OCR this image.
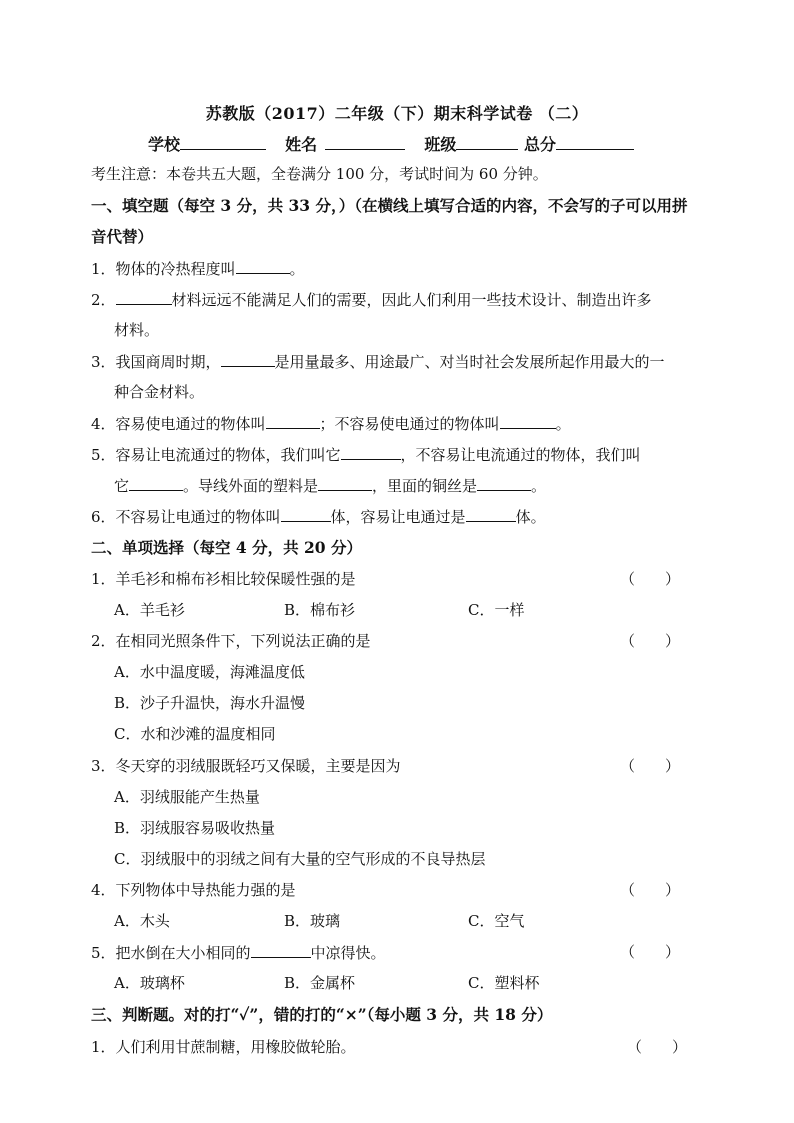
苏教版（2017）二年级（下）期末科学试卷 （二）
学校	姓名	班级	总分
考生注意：本卷共五大题，全卷满分 100 分，考试时间为 60 分钟。
一、填空题（每空 3 分，共 33 分，）（在横线上填写合适的内容，不会写的子可以用拼
音代替）
1．物体的冷热程度叫	。
2．	材料远远不能满足人们的需要，因此人们利用一些技术设计、制造出许多
材料。
3．我国商周时期，	是用量最多、用途最广、对当时社会发展所起作用最大的一
种合金材料。
4．容易使电通过的物体叫	；不容易使电通过的物体叫	。
5．容易让电流通过的物体，我们叫它	，不容易让电流通过的物体，我们叫
它	。导线外面的塑料是	，里面的铜丝是	。
6．不容易让电通过的物体叫	体，容易让电通过是	体。
二、单项选择（每空 4 分，共 20 分）
1．羊毛衫和棉布衫相比较保暖性强的是	（　　）
A．羊毛衫	B．棉布衫	C．一样
2．在相同光照条件下，下列说法正确的是	（　　）
A．水中温度暖，海滩温度低
B．沙子升温快，海水升温慢
C．水和沙滩的温度相同
3．冬天穿的羽绒服既轻巧又保暖，主要是因为	（　　）
A．羽绒服能产生热量
B．羽绒服容易吸收热量
C．羽绒服中的羽绒之间有大量的空气形成的不良导热层
4．下列物体中导热能力强的是	（　　）
A．木头	B．玻璃	C．空气
5．把水倒在大小相同的	中凉得快。	（　　）
A．玻璃杯	B．金属杯	C．塑料杯
三、判断题。对的打“✓”，错的打的“×”（每小题 3 分，共 18 分）
1．人们利用甘蔗制糖，用橡胶做轮胎。	（　　）
